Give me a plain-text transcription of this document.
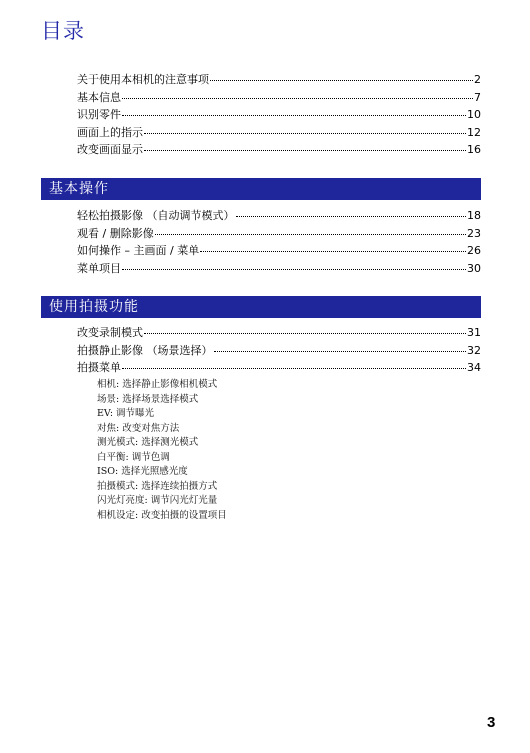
目录
关于使用本相机的注意事项	2
基本信息	7
识别零件	10
画面上的指示	12
改变画面显示	16
基本操作
轻松拍摄影像 （自动调节模式）	18
观看 / 删除影像	23
如何操作 – 主画面 / 菜单	26
菜单项目	30
使用拍摄功能
改变录制模式	31
拍摄静止影像 （场景选择）	32
拍摄菜单	34
相机: 选择静止影像相机模式
场景: 选择场景选择模式
EV: 调节曝光
对焦: 改变对焦方法
测光模式: 选择测光模式
白平衡: 调节色调
ISO: 选择光照感光度
拍摄模式: 选择连续拍摄方式
闪光灯亮度: 调节闪光灯光量
相机设定: 改变拍摄的设置项目
3
